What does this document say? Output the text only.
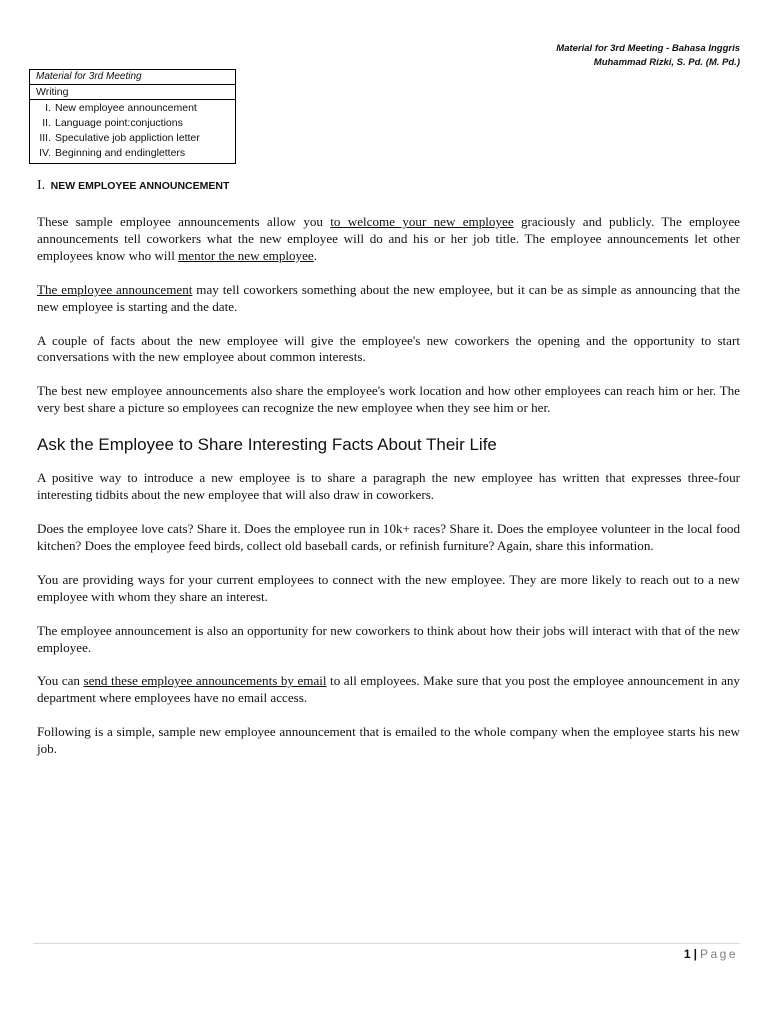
Material for 3rd Meeting - Bahasa Inggris
Muhammad Rizki, S. Pd. (M. Pd.)
Material for 3rd Meeting
Writing
I. New employee announcement
II. Language point:conjuctions
III. Speculative job appliction letter
IV. Beginning and endingletters
I. NEW EMPLOYEE ANNOUNCEMENT

These sample employee announcements allow you to welcome your new employee graciously and publicly. The employee announcements tell coworkers what the new employee will do and his or her job title. The employee announcements let other employees know who will mentor the new employee.

The employee announcement may tell coworkers something about the new employee, but it can be as simple as announcing that the new employee is starting and the date.

A couple of facts about the new employee will give the employee's new coworkers the opening and the opportunity to start conversations with the new employee about common interests.

The best new employee announcements also share the employee's work location and how other employees can reach him or her. The very best share a picture so employees can recognize the new employee when they see him or her.

Ask the Employee to Share Interesting Facts About Their Life

A positive way to introduce a new employee is to share a paragraph the new employee has written that expresses three-four interesting tidbits about the new employee that will also draw in coworkers.

Does the employee love cats? Share it. Does the employee run in 10k+ races? Share it. Does the employee volunteer in the local food kitchen? Does the employee feed birds, collect old baseball cards, or refinish furniture? Again, share this information.

You are providing ways for your current employees to connect with the new employee. They are more likely to reach out to a new employee with whom they share an interest.

The employee announcement is also an opportunity for new coworkers to think about how their jobs will interact with that of the new employee.

You can send these employee announcements by email to all employees. Make sure that you post the employee announcement in any department where employees have no email access.

Following is a simple, sample new employee announcement that is emailed to the whole company when the employee starts his new job.

1 | Page
